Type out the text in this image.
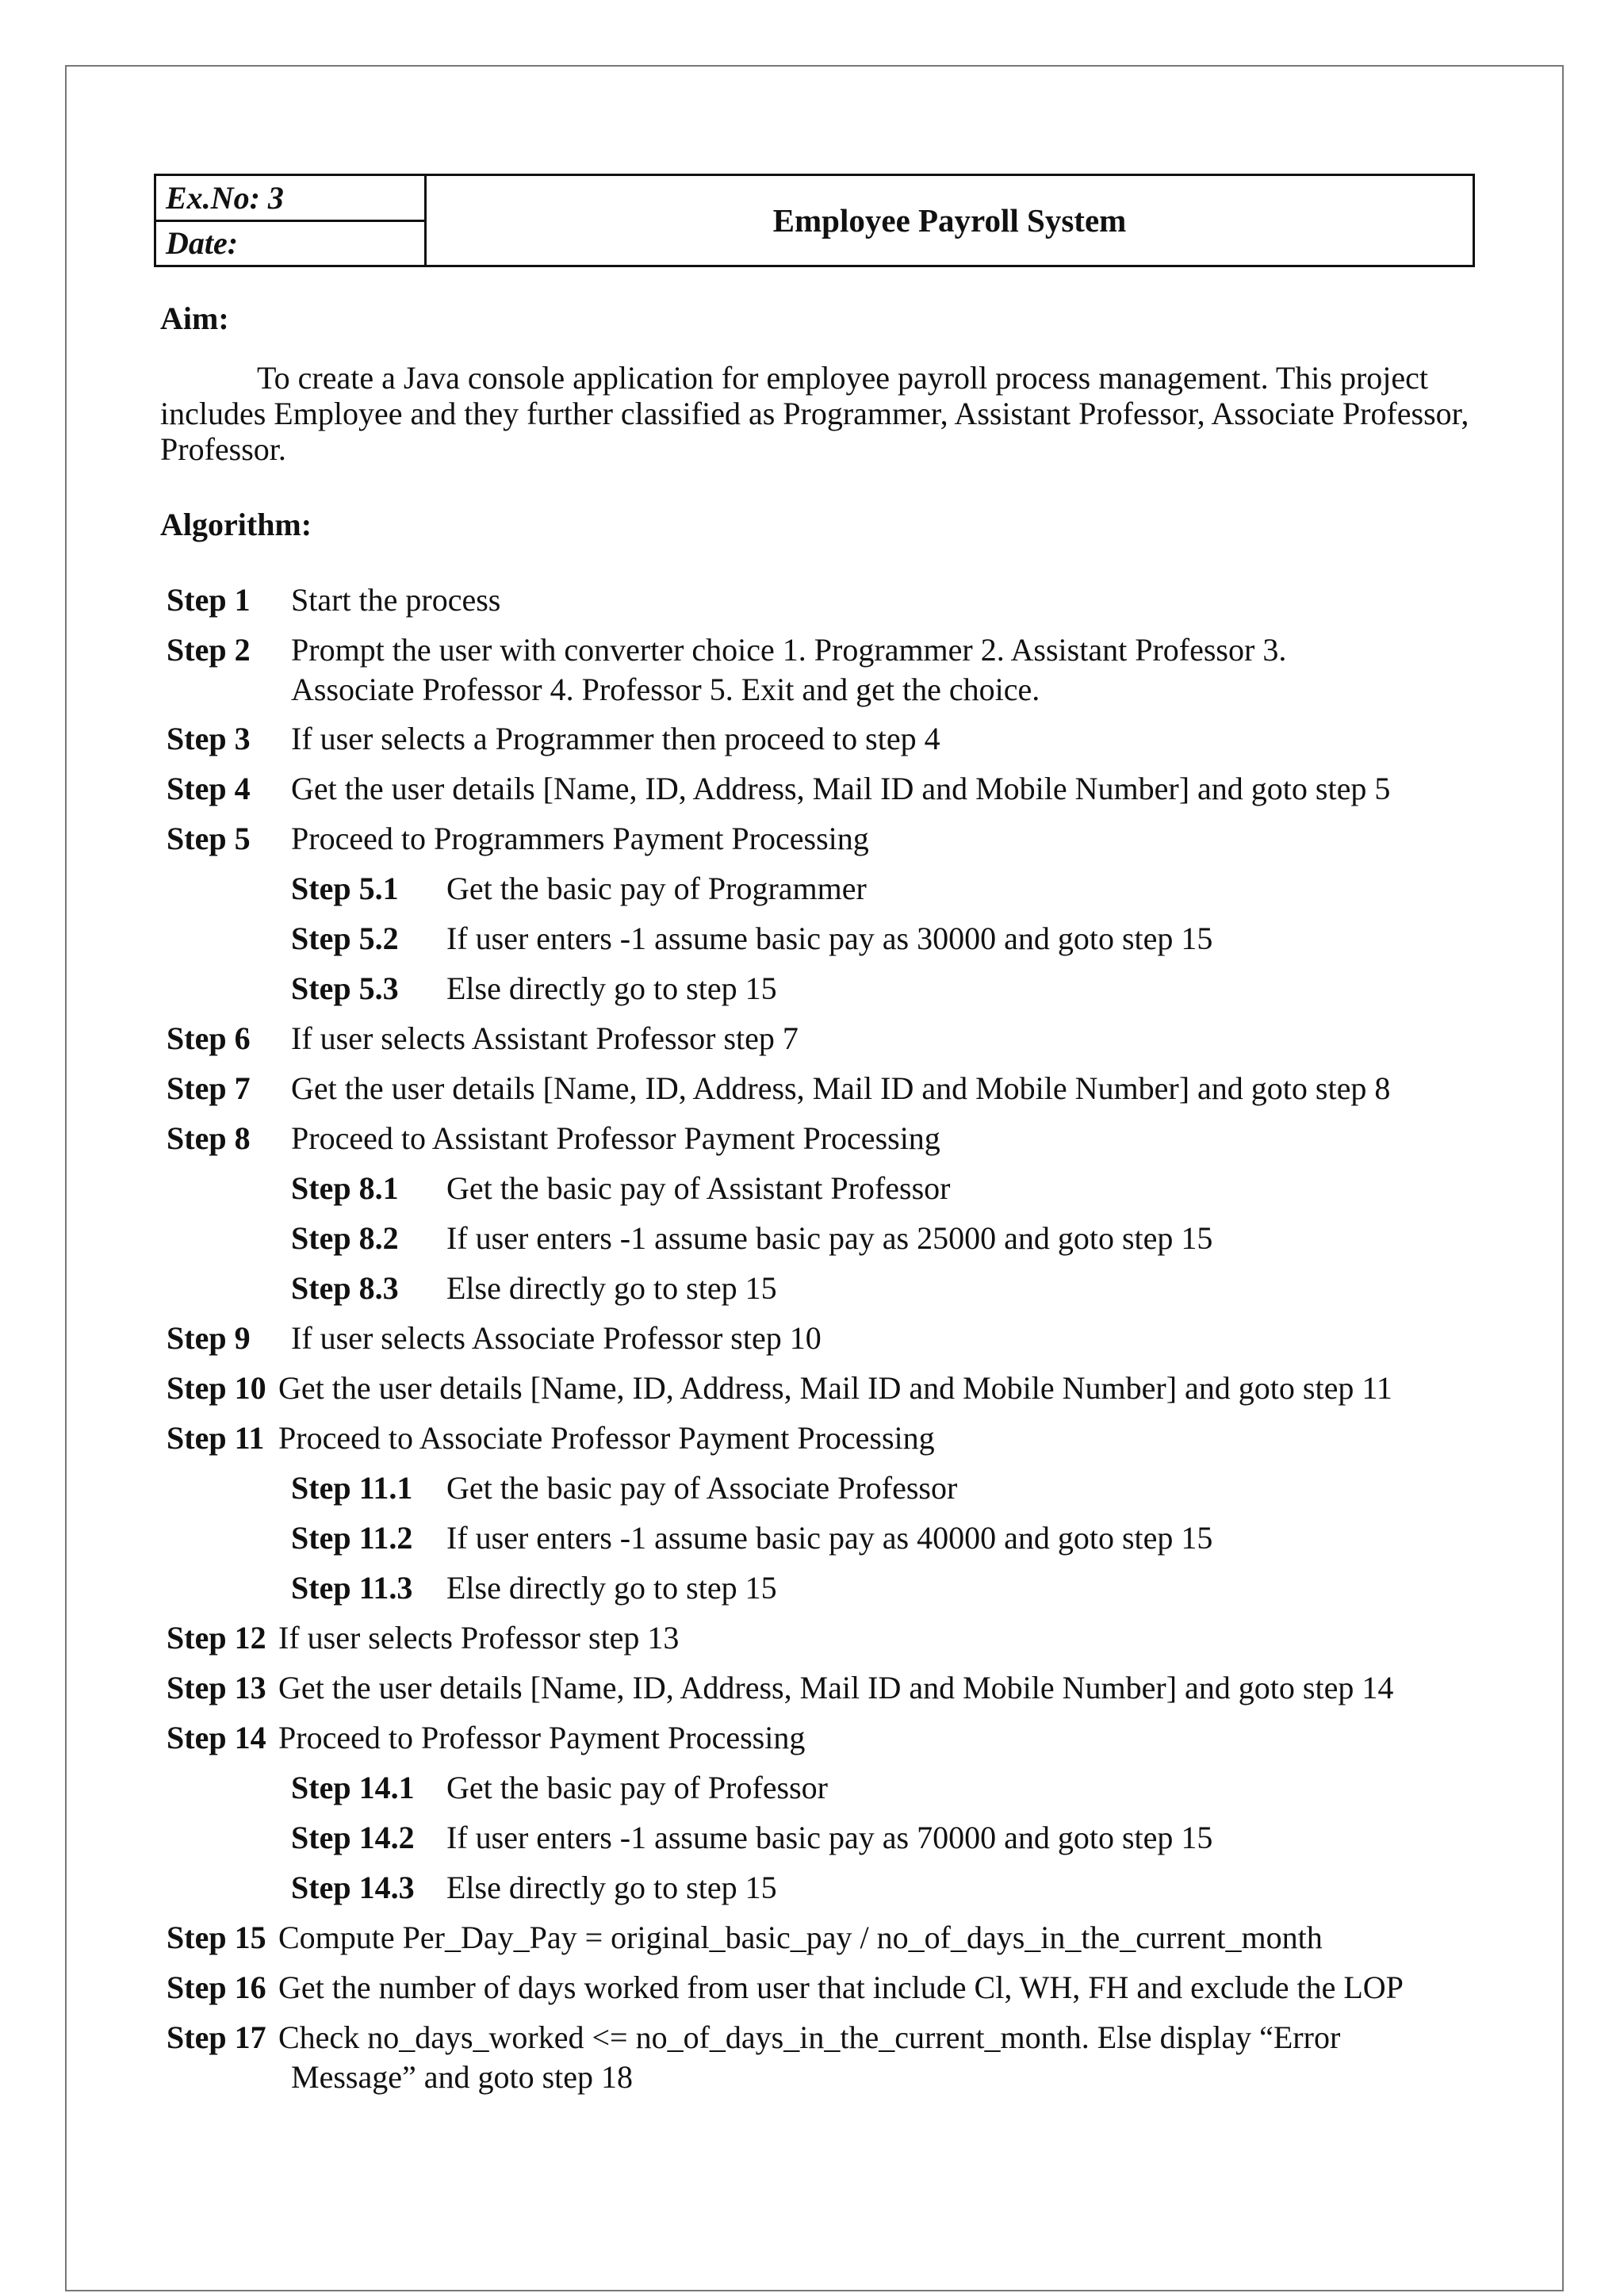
Ex.No: 3
Date:
Employee Payroll System
Aim:
To create a Java console application for employee payroll process management. This project includes Employee and they further classified as Programmer, Assistant Professor, Associate Professor, Professor.
Algorithm:
Step 1 Start the process
Step 2 Prompt the user with converter choice 1. Programmer 2. Assistant Professor 3.
Associate Professor 4. Professor 5. Exit and get the choice.
Step 3 If user selects a Programmer then proceed to step 4
Step 4 Get the user details [Name, ID, Address, Mail ID and Mobile Number] and goto step 5
Step 5 Proceed to Programmers Payment Processing
Step 5.1 Get the basic pay of Programmer
Step 5.2 If user enters -1 assume basic pay as 30000 and goto step 15
Step 5.3 Else directly go to step 15
Step 6 If user selects Assistant Professor step 7
Step 7 Get the user details [Name, ID, Address, Mail ID and Mobile Number] and goto step 8
Step 8 Proceed to Assistant Professor Payment Processing
Step 8.1 Get the basic pay of Assistant Professor
Step 8.2 If user enters -1 assume basic pay as 25000 and goto step 15
Step 8.3 Else directly go to step 15
Step 9 If user selects Associate Professor step 10
Step 10 Get the user details [Name, ID, Address, Mail ID and Mobile Number] and goto step 11
Step 11 Proceed to Associate Professor Payment Processing
Step 11.1 Get the basic pay of Associate Professor
Step 11.2 If user enters -1 assume basic pay as 40000 and goto step 15
Step 11.3 Else directly go to step 15
Step 12 If user selects Professor step 13
Step 13 Get the user details [Name, ID, Address, Mail ID and Mobile Number] and goto step 14
Step 14 Proceed to Professor Payment Processing
Step 14.1 Get the basic pay of Professor
Step 14.2 If user enters -1 assume basic pay as 70000 and goto step 15
Step 14.3 Else directly go to step 15
Step 15 Compute Per_Day_Pay = original_basic_pay / no_of_days_in_the_current_month
Step 16 Get the number of days worked from user that include Cl, WH, FH and exclude the LOP
Step 17 Check no_days_worked <= no_of_days_in_the_current_month. Else display “Error
Message” and goto step 18
